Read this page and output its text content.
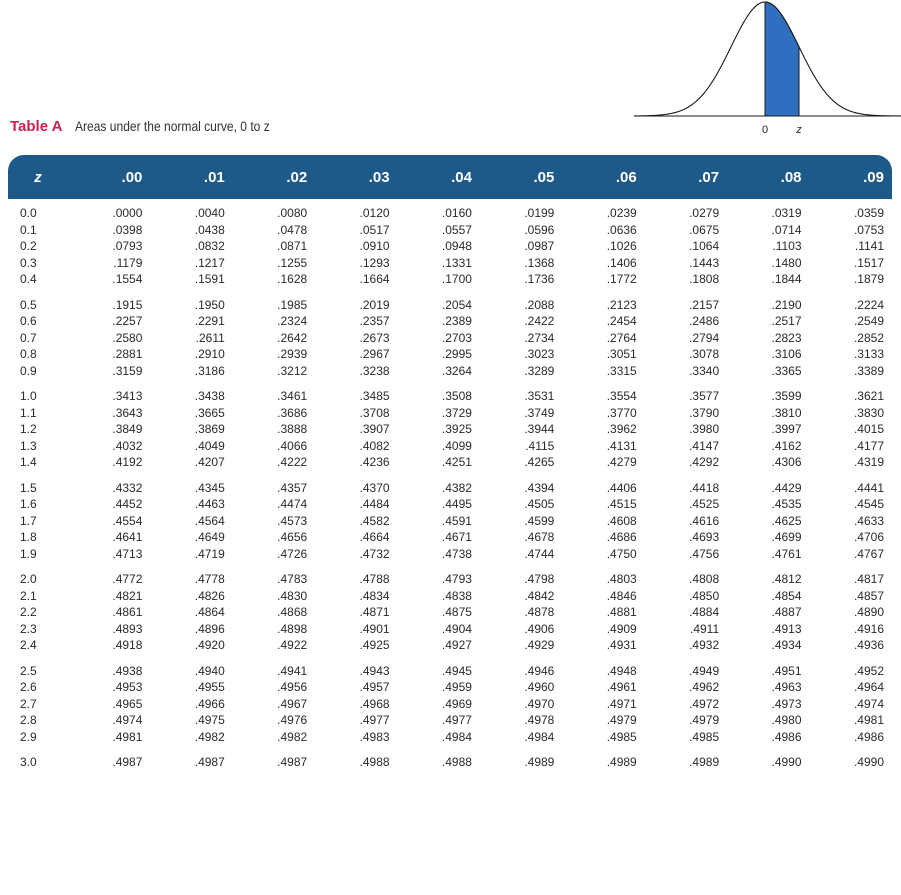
0	z
Table A Areas under the normal curve, 0 to z
z	.00	.01	.02	.03	.04	.05	.06	.07	.08	.09
0.0	.0000	.0040	.0080	.0120	.0160	.0199	.0239	.0279	.0319	.0359
0.1	.0398	.0438	.0478	.0517	.0557	.0596	.0636	.0675	.0714	.0753
0.2	.0793	.0832	.0871	.0910	.0948	.0987	.1026	.1064	.1103	.1141
0.3	.1179	.1217	.1255	.1293	.1331	.1368	.1406	.1443	.1480	.1517
0.4	.1554	.1591	.1628	.1664	.1700	.1736	.1772	.1808	.1844	.1879
0.5	.1915	.1950	.1985	.2019	.2054	.2088	.2123	.2157	.2190	.2224
0.6	.2257	.2291	.2324	.2357	.2389	.2422	.2454	.2486	.2517	.2549
0.7	.2580	.2611	.2642	.2673	.2703	.2734	.2764	.2794	.2823	.2852
0.8	.2881	.2910	.2939	.2967	.2995	.3023	.3051	.3078	.3106	.3133
0.9	.3159	.3186	.3212	.3238	.3264	.3289	.3315	.3340	.3365	.3389
1.0	.3413	.3438	.3461	.3485	.3508	.3531	.3554	.3577	.3599	.3621
1.1	.3643	.3665	.3686	.3708	.3729	.3749	.3770	.3790	.3810	.3830
1.2	.3849	.3869	.3888	.3907	.3925	.3944	.3962	.3980	.3997	.4015
1.3	.4032	.4049	.4066	.4082	.4099	.4115	.4131	.4147	.4162	.4177
1.4	.4192	.4207	.4222	.4236	.4251	.4265	.4279	.4292	.4306	.4319
1.5	.4332	.4345	.4357	.4370	.4382	.4394	.4406	.4418	.4429	.4441
1.6	.4452	.4463	.4474	.4484	.4495	.4505	.4515	.4525	.4535	.4545
1.7	.4554	.4564	.4573	.4582	.4591	.4599	.4608	.4616	.4625	.4633
1.8	.4641	.4649	.4656	.4664	.4671	.4678	.4686	.4693	.4699	.4706
1.9	.4713	.4719	.4726	.4732	.4738	.4744	.4750	.4756	.4761	.4767
2.0	.4772	.4778	.4783	.4788	.4793	.4798	.4803	.4808	.4812	.4817
2.1	.4821	.4826	.4830	.4834	.4838	.4842	.4846	.4850	.4854	.4857
2.2	.4861	.4864	.4868	.4871	.4875	.4878	.4881	.4884	.4887	.4890
2.3	.4893	.4896	.4898	.4901	.4904	.4906	.4909	.4911	.4913	.4916
2.4	.4918	.4920	.4922	.4925	.4927	.4929	.4931	.4932	.4934	.4936
2.5	.4938	.4940	.4941	.4943	.4945	.4946	.4948	.4949	.4951	.4952
2.6	.4953	.4955	.4956	.4957	.4959	.4960	.4961	.4962	.4963	.4964
2.7	.4965	.4966	.4967	.4968	.4969	.4970	.4971	.4972	.4973	.4974
2.8	.4974	.4975	.4976	.4977	.4977	.4978	.4979	.4979	.4980	.4981
2.9	.4981	.4982	.4982	.4983	.4984	.4984	.4985	.4985	.4986	.4986
3.0	.4987	.4987	.4987	.4988	.4988	.4989	.4989	.4989	.4990	.4990
